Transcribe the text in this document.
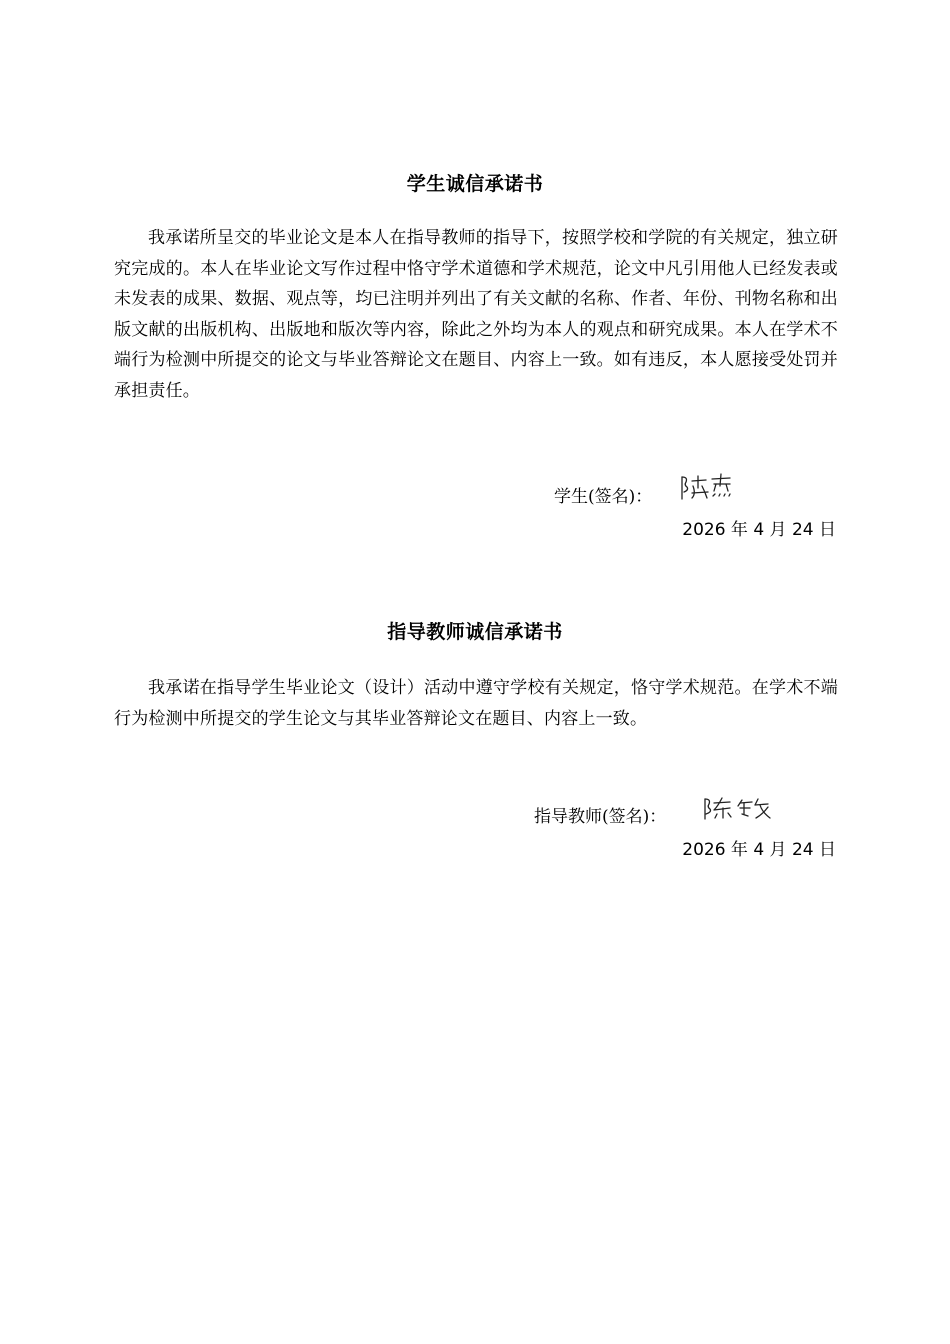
学生诚信承诺书
我承诺所呈交的毕业论文是本人在指导教师的指导下，按照学校和学院的有关规定，独立研究完成的。本人在毕业论文写作过程中恪守学术道德和学术规范，论文中凡引用他人已经发表或未发表的成果、数据、观点等，均已注明并列出了有关文献的名称、作者、年份、刊物名称和出版文献的出版机构、出版地和版次等内容，除此之外均为本人的观点和研究成果。本人在学术不端行为检测中所提交的论文与毕业答辩论文在题目、内容上一致。如有违反，本人愿接受处罚并承担责任。
学生(签名)：
2026 年 4 月 24 日
指导教师诚信承诺书
我承诺在指导学生毕业论文（设计）活动中遵守学校有关规定，恪守学术规范。在学术不端行为检测中所提交的学生论文与其毕业答辩论文在题目、内容上一致。
指导教师(签名)：
2026 年 4 月 24 日
